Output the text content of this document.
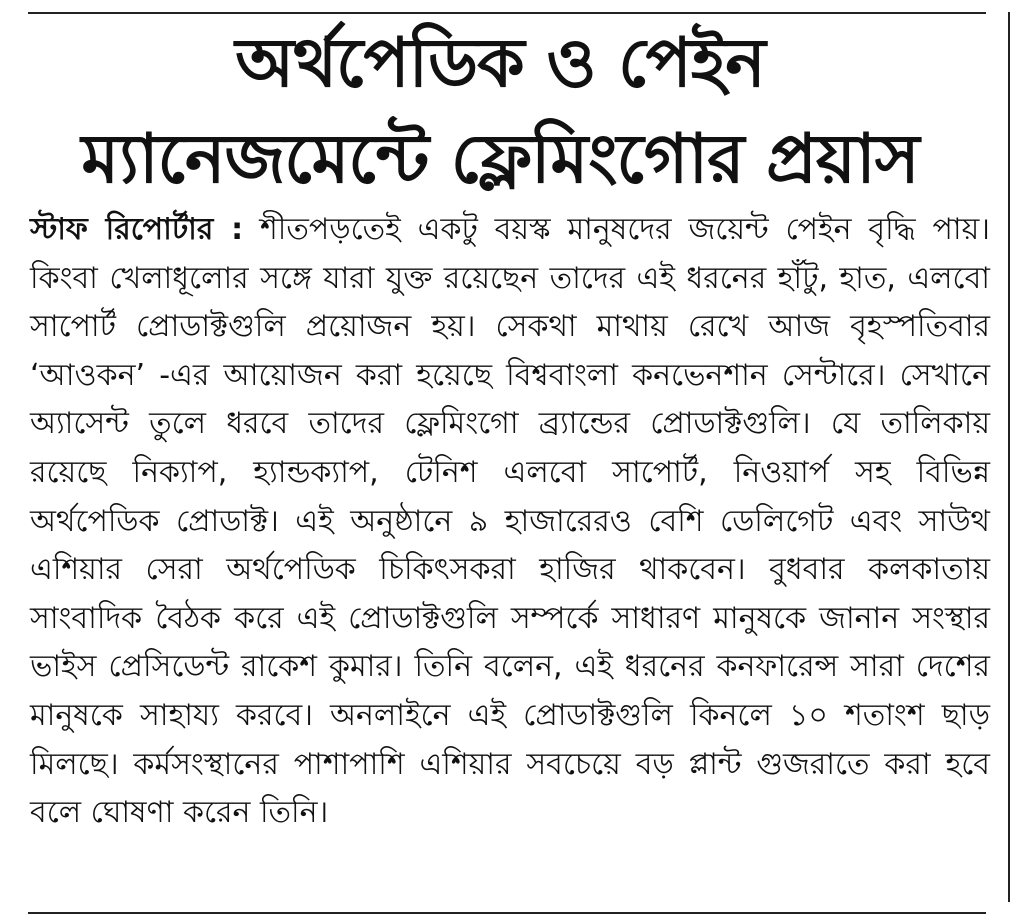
অর্থপেডিক ও পেইন
ম্যানেজমেন্টে ফ্লেমিংগোর প্রয়াস

স্টাফ রিপোর্টার : শীতপড়তেই একটু বয়স্ক মানুষদের জয়েন্ট পেইন বৃদ্ধি পায়। কিংবা খেলাধূলোর সঙ্গে যারা যুক্ত রয়েছেন তাদের এই ধরনের হাঁটু, হাত, এলবো সাপোর্ট প্রোডাক্টগুলি প্রয়োজন হয়। সেকথা মাথায় রেখে আজ বৃহস্পতিবার ‘আওকন’ -এর আয়োজন করা হয়েছে বিশ্ববাংলা কনভেনশান সেন্টারে। সেখানে অ্যাসেন্ট তুলে ধরবে তাদের ফ্লেমিংগো ব্র্যান্ডের প্রোডাক্টগুলি। যে তালিকায় রয়েছে নিক্যাপ, হ্যান্ডক্যাপ, টেনিশ এলবো সাপোর্ট, নিওয়ার্প সহ বিভিন্ন অর্থপেডিক প্রোডাক্ট। এই অনুষ্ঠানে ৯ হাজারেরও বেশি ডেলিগেট এবং সাউথ এশিয়ার সেরা অর্থপেডিক চিকিৎসকরা হাজির থাকবেন। বুধবার কলকাতায় সাংবাদিক বৈঠক করে এই প্রোডাক্টগুলি সম্পর্কে সাধারণ মানুষকে জানান সংস্থার ভাইস প্রেসিডেন্ট রাকেশ কুমার। তিনি বলেন, এই ধরনের কনফারেন্স সারা দেশের মানুষকে সাহায্য করবে। অনলাইনে এই প্রোডাক্টগুলি কিনলে ১০ শতাংশ ছাড় মিলছে। কর্মসংস্থানের পাশাপাশি এশিয়ার সবচেয়ে বড় প্লান্ট গুজরাতে করা হবে বলে ঘোষণা করেন তিনি।
